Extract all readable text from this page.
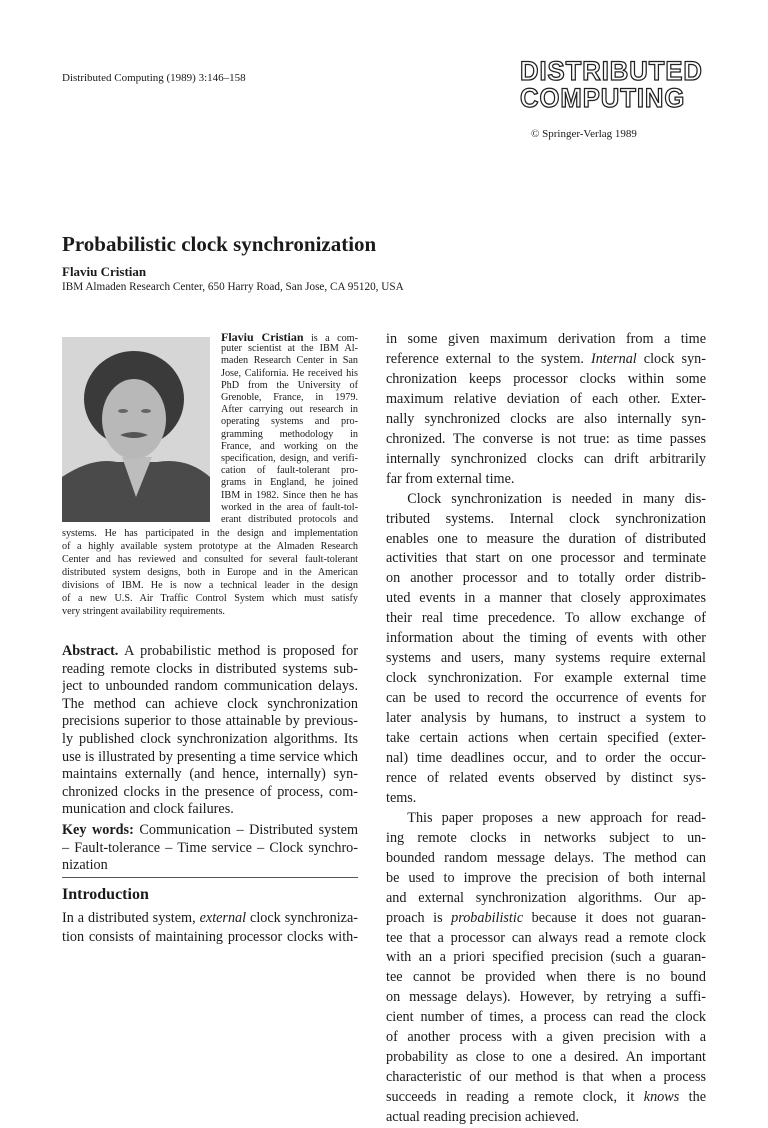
Distributed Computing (1989) 3:146–158	DISTRIBUTED
COMPUTING
© Springer-Verlag 1989
Probabilistic clock synchronization
Flaviu Cristian
IBM Almaden Research Center, 650 Harry Road, San Jose, CA 95120, USA
Flaviu Cristian is a com-
puter scientist at the IBM Al-
maden Research Center in San
Jose, California. He received his
PhD from the University of
Grenoble, France, in 1979.
After carrying out research in
operating systems and pro-
gramming methodology in
France, and working on the
specification, design, and verifi-
cation of fault-tolerant pro-
grams in England, he joined
IBM in 1982. Since then he has
worked in the area of fault-tol-
erant distributed protocols and
systems. He has participated in the design and implementation
of a highly available system prototype at the Almaden Research
Center and has reviewed and consulted for several fault-tolerant
distributed system designs, both in Europe and in the American
divisions of IBM. He is now a technical leader in the design
of a new U.S. Air Traffic Control System which must satisfy
very stringent availability requirements.
Abstract. A probabilistic method is proposed for
reading remote clocks in distributed systems sub-
ject to unbounded random communication delays.
The method can achieve clock synchronization
precisions superior to those attainable by previous-
ly published clock synchronization algorithms. Its
use is illustrated by presenting a time service which
maintains externally (and hence, internally) syn-
chronized clocks in the presence of process, com-
munication and clock failures.
Key words: Communication – Distributed system
– Fault-tolerance – Time service – Clock synchro-
nization
In a distributed system, external clock synchroniza-
tion consists of maintaining processor clocks with-
Introduction
in some given maximum derivation from a time
reference external to the system. Internal clock syn-
chronization keeps processor clocks within some
maximum relative deviation of each other. Exter-
nally synchronized clocks are also internally syn-
chronized. The converse is not true: as time passes
internally synchronized clocks can drift arbitrarily
far from external time.
  Clock synchronization is needed in many dis-
tributed systems. Internal clock synchronization
enables one to measure the duration of distributed
activities that start on one processor and terminate
on another processor and to totally order distrib-
uted events in a manner that closely approximates
their real time precedence. To allow exchange of
information about the timing of events with other
systems and users, many systems require external
clock synchronization. For example external time
can be used to record the occurrence of events for
later analysis by humans, to instruct a system to
take certain actions when certain specified (exter-
nal) time deadlines occur, and to order the occur-
rence of related events observed by distinct sys-
tems.
  This paper proposes a new approach for read-
ing remote clocks in networks subject to un-
bounded random message delays. The method can
be used to improve the precision of both internal
and external synchronization algorithms. Our ap-
proach is probabilistic because it does not guaran-
tee that a processor can always read a remote clock
with an a priori specified precision (such a guaran-
tee cannot be provided when there is no bound
on message delays). However, by retrying a suffi-
cient number of times, a process can read the clock
of another process with a given precision with a
probability as close to one a desired. An important
characteristic of our method is that when a process
succeeds in reading a remote clock, it knows the
actual reading precision achieved.
